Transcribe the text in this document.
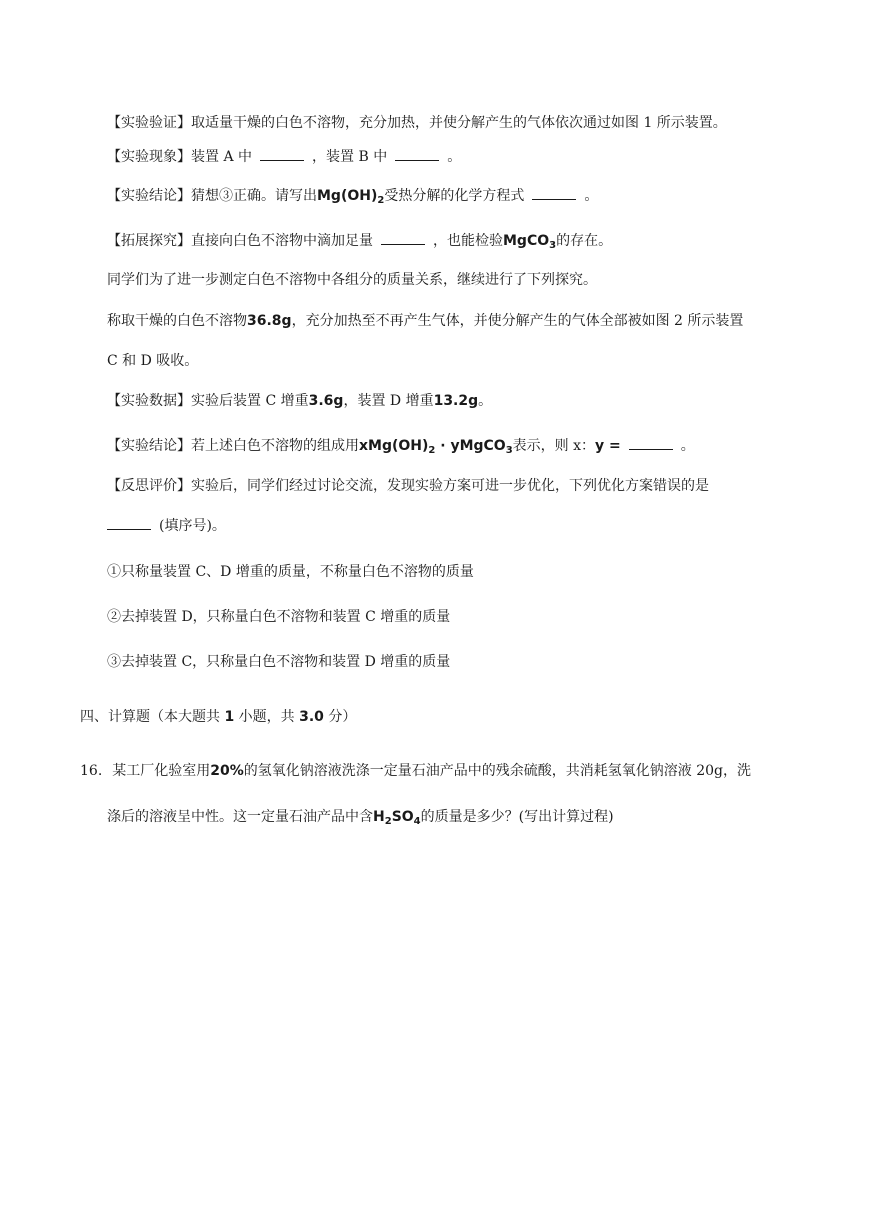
【实验验证】取适量干燥的白色不溶物，充分加热，并使分解产生的气体依次通过如图 1 所示装置。
【实验现象】装置 A 中	，装置 B 中	。
【实验结论】猜想③正确。请写出$Mg(OH)_2$受热分解的化学方程式	。
【拓展探究】直接向白色不溶物中滴加足量	，也能检验MgCO$_3$的存在。
同学们为了进一步测定白色不溶物中各组分的质量关系，继续进行了下列探究。
称取干燥的白色不溶物36.8g，充分加热至不再产生气体，并使分解产生的气体全部被如图 2 所示装置
C 和 D 吸收。
【实验数据】实验后装置 C 增重3.6g，装置 D 增重13.2g。
【实验结论】若上述白色不溶物的组成用$xMg(OH)_2$ · yMgCO$_3$表示，则 x：y =	。
【反思评价】实验后，同学们经过讨论交流，发现实验方案可进一步优化，下列优化方案错误的是
(填序号)。
①只称量装置 C、D 增重的质量，不称量白色不溶物的质量
②去掉装置 D，只称量白色不溶物和装置 C 增重的质量
③去掉装置 C，只称量白色不溶物和装置 D 增重的质量
四、计算题（本大题共 1 小题，共 3.0 分）
16. 某工厂化验室用20%的氢氧化钠溶液洗涤一定量石油产品中的残余硫酸，共消耗氢氧化钠溶液 20g，洗
涤后的溶液呈中性。这一定量石油产品中含$H_2SO_4$的质量是多少？(写出计算过程)
